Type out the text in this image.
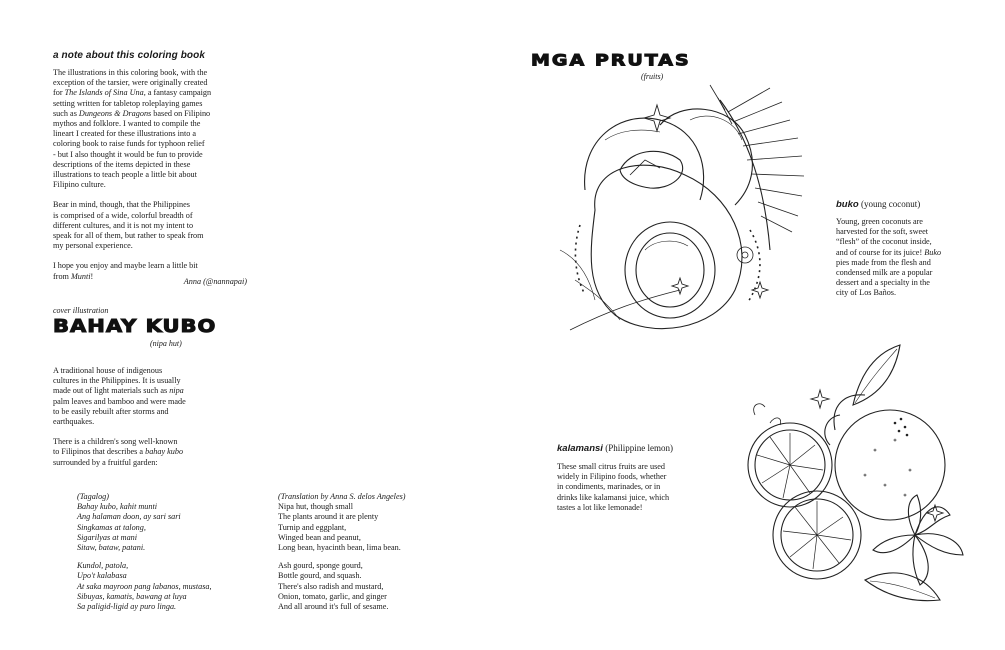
a note about this coloring book

The illustrations in this coloring book, with the
exception of the tarsier, were originally created
for The Islands of Sina Una, a fantasy campaign
setting written for tabletop roleplaying games
such as Dungeons & Dragons based on Filipino
mythos and folklore. I wanted to compile the
lineart I created for these illustrations into a
coloring book to raise funds for typhoon relief
- but I also thought it would be fun to provide
descriptions of the items depicted in these
illustrations to teach people a little bit about
Filipino culture.

Bear in mind, though, that the Philippines
is comprised of a wide, colorful breadth of
different cultures, and it is not my intent to
speak for all of them, but rather to speak from
my personal experience.

I hope you enjoy and maybe learn a little bit
from Munti!

Anna (@nannapai)
cover illustration
BAHAY KUBO
(nipa hut)

A traditional house of indigenous
cultures in the Philippines. It is usually
made out of light materials such as nipa
palm leaves and bamboo and were made
to be easily rebuilt after storms and
earthquakes.

There is a children's song well-known
to Filipinos that describes a bahay kubo
surrounded by a fruitful garden:

(Tagalog)
Bahay kubo, kahit munti
Ang halaman doon, ay sari sari
Singkamas at talong,
Sigarilyas at mani
Sitaw, bataw, patani.
Kundol, patola,
Upo't kalabasa
At saka mayroon pang labanos, mustasa,
Sibuyas, kamatis, bawang at luya
Sa paligid-ligid ay puro linga.
(Translation by Anna S. delos Angeles)
Nipa hut, though small
The plants around it are plenty
Turnip and eggplant,
Winged bean and peanut,
Long bean, hyacinth bean, lima bean.
Ash gourd, sponge gourd,
Bottle gourd, and squash.
There's also radish and mustard,
Onion, tomato, garlic, and ginger
And all around it's full of sesame.
MGA PRUTAS
(fruits)
buko (young coconut)
Young, green coconuts are
harvested for the soft, sweet
“flesh” of the coconut inside,
and of course for its juice! Buko
pies made from the flesh and
condensed milk are a popular
dessert and a specialty in the
city of Los Baños.
kalamansi (Philippine lemon)
These small citrus fruits are used
widely in Filipino foods, whether
in condiments, marinades, or in
drinks like kalamansi juice, which
tastes a lot like lemonade!
